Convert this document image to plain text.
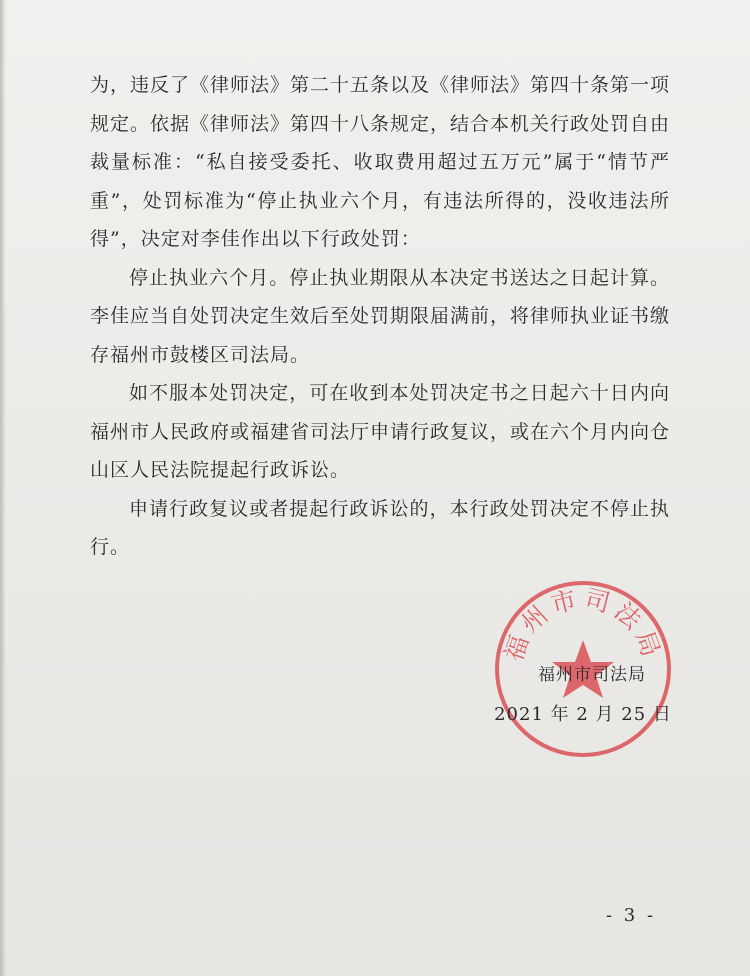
为，违反了《律师法》第二十五条以及《律师法》第四十条第一项规定。依据《律师法》第四十八条规定，结合本机关行政处罚自由裁量标准：“私自接受委托、收取费用超过五万元”属于“情节严重”，处罚标准为“停止执业六个月，有违法所得的，没收违法所得”，决定对李佳作出以下行政处罚：

停止执业六个月。停止执业期限从本决定书送达之日起计算。李佳应当自处罚决定生效后至处罚期限届满前，将律师执业证书缴存福州市鼓楼区司法局。

如不服本处罚决定，可在收到本处罚决定书之日起六十日内向福州市人民政府或福建省司法厅申请行政复议，或在六个月内向仓山区人民法院提起行政诉讼。

申请行政复议或者提起行政诉讼的，本行政处罚决定不停止执行。

福州市司法局
福州市司法局
2021 年 2 月 25 日
- 3 -
